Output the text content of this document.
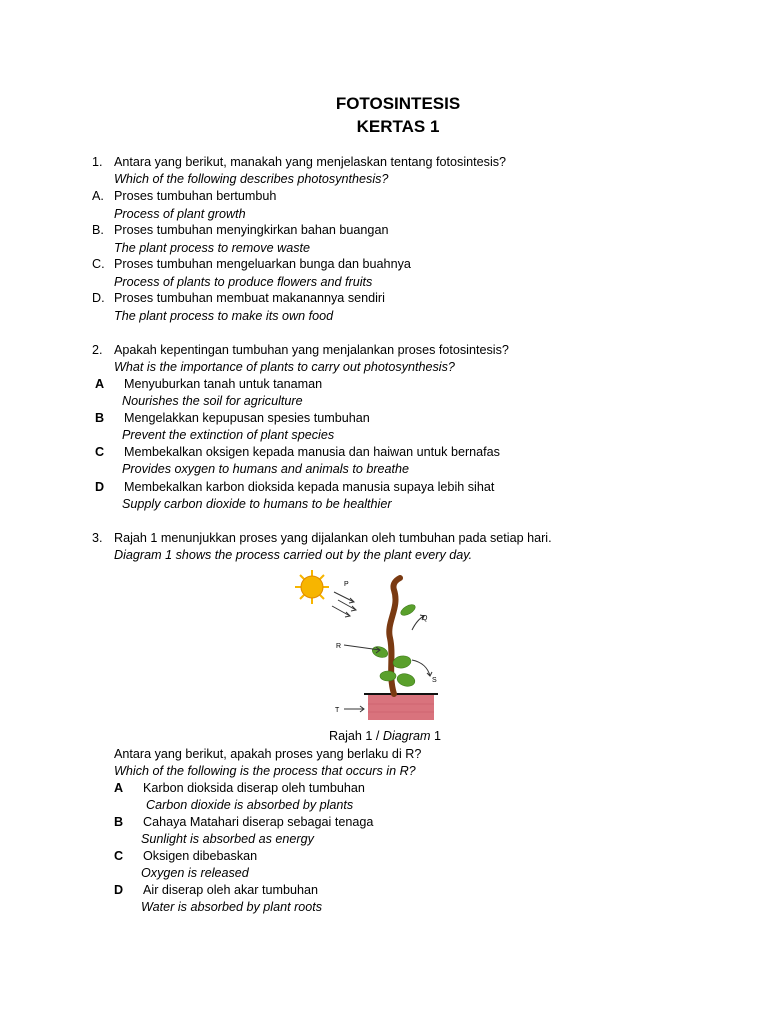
FOTOSINTESIS
KERTAS 1
1. Antara yang berikut, manakah yang menjelaskan tentang fotosintesis?
Which of the following describes photosynthesis?
A. Proses tumbuhan bertumbuh
Process of plant growth
B. Proses tumbuhan menyingkirkan bahan buangan
The plant process to remove waste
C. Proses tumbuhan mengeluarkan bunga dan buahnya
Process of plants to produce flowers and fruits
D. Proses tumbuhan membuat makanannya sendiri
The plant process to make its own food
2. Apakah kepentingan tumbuhan yang menjalankan proses fotosintesis?
What is the importance of plants to carry out photosynthesis?
A Menyuburkan tanah untuk tanaman
Nourishes the soil for agriculture
B Mengelakkan kepupusan spesies tumbuhan
Prevent the extinction of plant species
C Membekalkan oksigen kepada manusia dan haiwan untuk bernafas
Provides oxygen to humans and animals to breathe
D Membekalkan karbon dioksida kepada manusia supaya lebih sihat
Supply carbon dioxide to humans to be healthier
3. Rajah 1 menunjukkan proses yang dijalankan oleh tumbuhan pada setiap hari.
Diagram 1 shows the process carried out by the plant every day.
P
Q
R
S
T
Rajah 1 / Diagram 1
Antara yang berikut, apakah proses yang berlaku di R?
Which of the following is the process that occurs in R?
A Karbon dioksida diserap oleh tumbuhan
Carbon dioxide is absorbed by plants
B Cahaya Matahari diserap sebagai tenaga
Sunlight is absorbed as energy
C Oksigen dibebaskan
Oxygen is released
D Air diserap oleh akar tumbuhan
Water is absorbed by plant roots
